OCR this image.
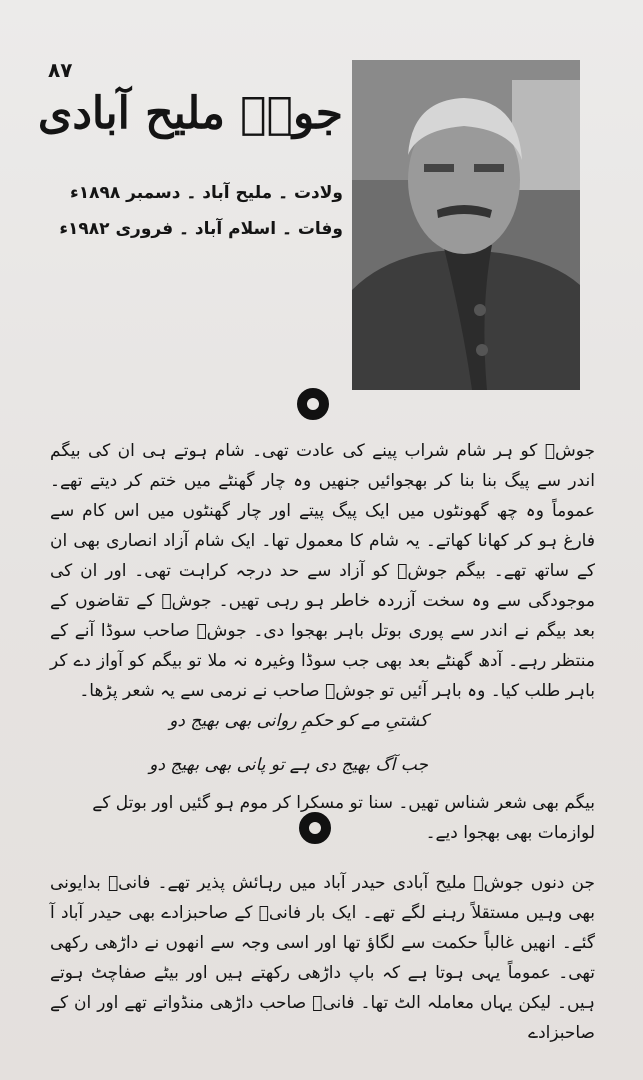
۸۷
جوشؔ ملیح آبادی
ولادت ۔ ملیح آباد ۔ دسمبر ۱۸۹۸ء
وفات ۔ اسلام آباد ۔ فروری ۱۹۸۲ء
جوشؔ کو ہر شام شراب پینے کی عادت تھی۔ شام ہوتے ہی ان کی بیگم اندر سے پیگ بنا بنا کر بھجوائیں جنھیں وہ چار گھنٹے میں ختم کر دیتے تھے۔ عموماً وہ چھ گھونٹوں میں ایک پیگ پیتے اور چار گھنٹوں میں اس کام سے فارغ ہو کر کھانا کھاتے۔ یہ شام کا معمول تھا۔ ایک شام آزاد انصاری بھی ان کے ساتھ تھے۔ بیگم جوشؔ کو آزاد سے حد درجہ کراہت تھی۔ اور ان کی موجودگی سے وہ سخت آزردہ خاطر ہو رہی تھیں۔ جوشؔ کے تقاضوں کے بعد بیگم نے اندر سے پوری بوتل باہر بھجوا دی۔ جوشؔ صاحب سوڈا آنے کے منتظر رہے۔ آدھ گھنٹے بعد بھی جب سوڈا وغیرہ نہ ملا تو بیگم کو آواز دے کر باہر طلب کیا۔ وہ باہر آئیں تو جوشؔ صاحب نے نرمی سے یہ شعر پڑھا۔
کشتیِ مے کو حکمِ روانی بھی بھیج دو
جب آگ بھیج دی ہے تو پانی بھی بھیج دو
بیگم بھی شعر شناس تھیں۔ سنا تو مسکرا کر موم ہو گئیں اور بوتل کے لوازمات بھی بھجوا دیے۔
جن دنوں جوشؔ ملیح آبادی حیدر آباد میں رہائش پذیر تھے۔ فانیؔ بدایونی بھی وہیں مستقلاً رہنے لگے تھے۔ ایک بار فانیؔ کے صاحبزادے بھی حیدر آباد آ گئے۔ انھیں غالباً حکمت سے لگاؤ تھا اور اسی وجہ سے انھوں نے داڑھی رکھی تھی۔ عموماً یہی ہوتا ہے کہ باپ داڑھی رکھتے ہیں اور بیٹے صفاچٹ ہوتے ہیں۔ لیکن یہاں معاملہ الٹ تھا۔ فانیؔ صاحب داڑھی منڈواتے تھے اور ان کے صاحبزادے
